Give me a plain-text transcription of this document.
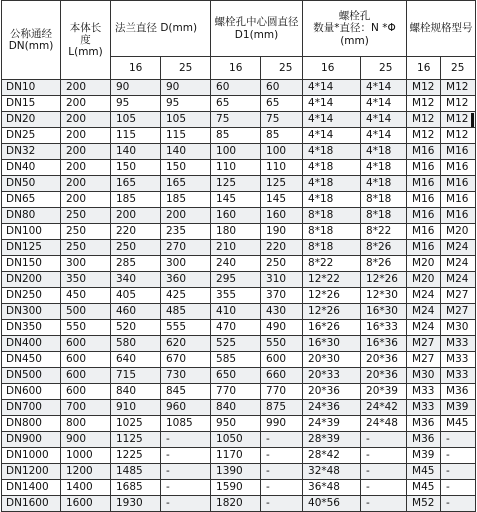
公称通经
DN(mm)	本体长
度
L(mm)	法兰直径 D(mm)		螺栓孔中心圆直径
D1(mm)		螺栓孔
数量*直径：N *Φ
(mm)		螺栓规格型号	
		16	25	16	25	16	25	16	25
DN10	200	90	90	60	60	4*14	4*14	M12	M12
DN15	200	95	95	65	65	4*14	4*14	M12	M12
DN20	200	105	105	75	75	4*14	4*14	M12	M12
DN25	200	115	115	85	85	4*14	4*14	M12	M12
DN32	200	140	140	100	100	4*18	4*18	M16	M16
DN40	200	150	150	110	110	4*18	4*18	M16	M16
DN50	200	165	165	125	125	4*18	4*18	M16	M16
DN65	200	185	185	145	145	4*18	8*18	M16	M16
DN80	250	200	200	160	160	8*18	8*18	M16	M16
DN100	250	220	235	180	190	8*18	8*22	M16	M20
DN125	250	250	270	210	220	8*18	8*26	M16	M24
DN150	300	285	300	240	250	8*22	8*26	M20	M24
DN200	350	340	360	295	310	12*22	12*26	M20	M24
DN250	450	405	425	355	370	12*26	12*30	M24	M27
DN300	500	460	485	410	430	12*26	16*30	M24	M27
DN350	550	520	555	470	490	16*26	16*33	M24	M30
DN400	600	580	620	525	550	16*30	16*36	M27	M33
DN450	600	640	670	585	600	20*30	20*36	M27	M33
DN500	600	715	730	650	660	20*33	20*36	M30	M33
DN600	600	840	845	770	770	20*36	20*39	M33	M36
DN700	700	910	960	840	875	24*36	24*42	M33	M39
DN800	800	1025	1085	950	990	24*39	24*48	M36	M45
DN900	900	1125	-	1050	-	28*39	-	M36	-
DN1000	1000	1225	-	1170	-	28*42	-	M39	-
DN1200	1200	1485	-	1390	-	32*48	-	M45	-
DN1400	1400	1685	-	1590	-	36*48	-	M45	-
DN1600	1600	1930	-	1820	-	40*56	-	M52	-
